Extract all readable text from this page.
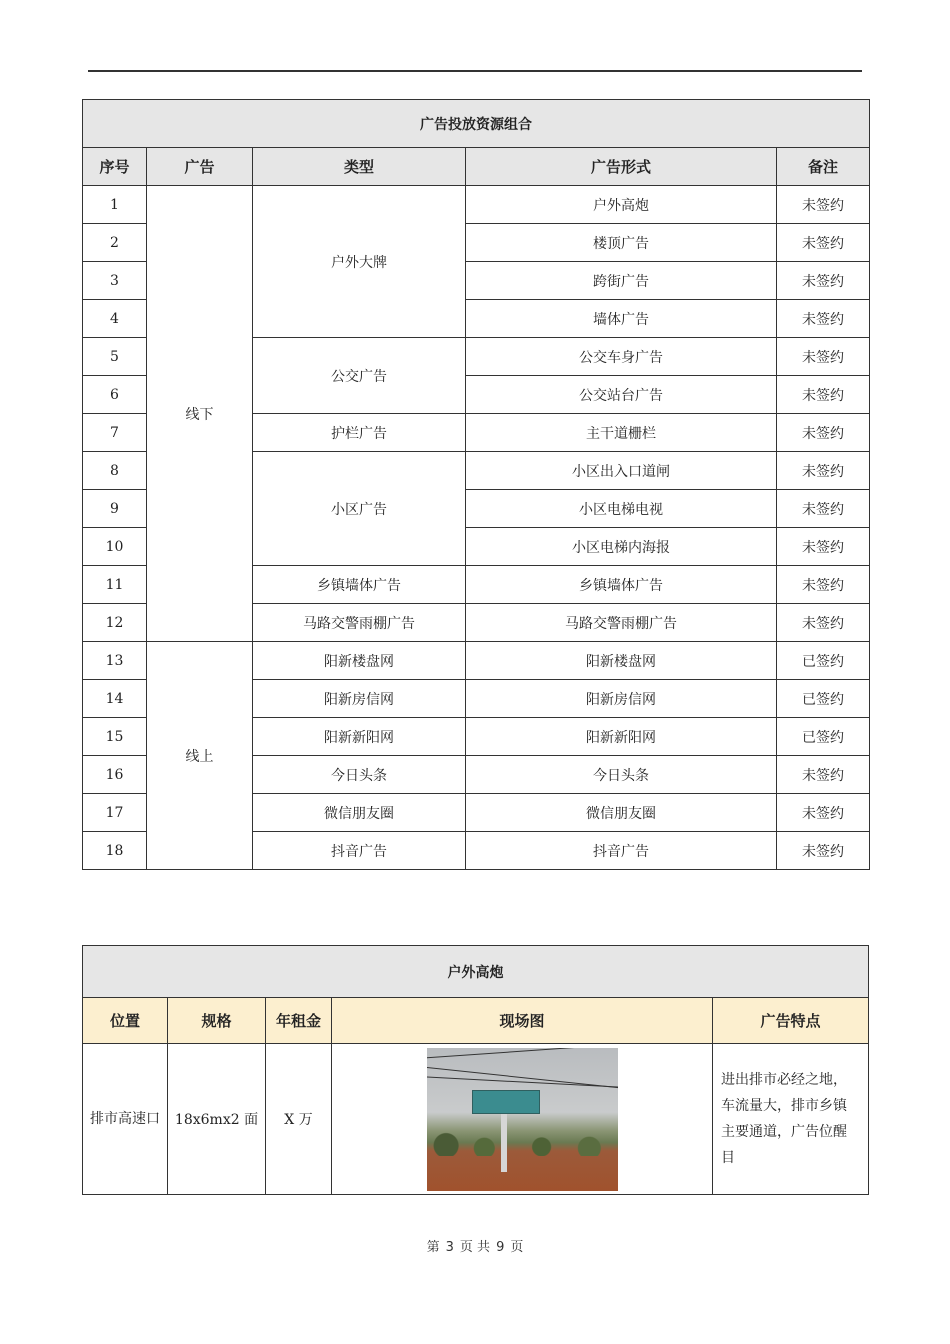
广告投放资源组合				
序号	广告	类型	广告形式	备注
1	线下	户外大牌	户外高炮	未签约
2			楼顶广告	未签约
3			跨街广告	未签约
4			墙体广告	未签约
5		公交广告	公交车身广告	未签约
6			公交站台广告	未签约
7		护栏广告	主干道栅栏	未签约
8		小区广告	小区出入口道闸	未签约
9			小区电梯电视	未签约
10			小区电梯内海报	未签约
11		乡镇墙体广告	乡镇墙体广告	未签约
12		马路交警雨棚广告	马路交警雨棚广告	未签约
13	线上	阳新楼盘网	阳新楼盘网	已签约
14		阳新房信网	阳新房信网	已签约
15		阳新新阳网	阳新新阳网	已签约
16		今日头条	今日头条	未签约
17		微信朋友圈	微信朋友圈	未签约
18		抖音广告	抖音广告	未签约
户外高炮				
位置	规格	年租金	现场图	广告特点
排市高速口	18x6mx2 面	X 万		进出排市必经之地，车流量大，排市乡镇主要通道，广告位醒目
第 3 页 共 9 页
